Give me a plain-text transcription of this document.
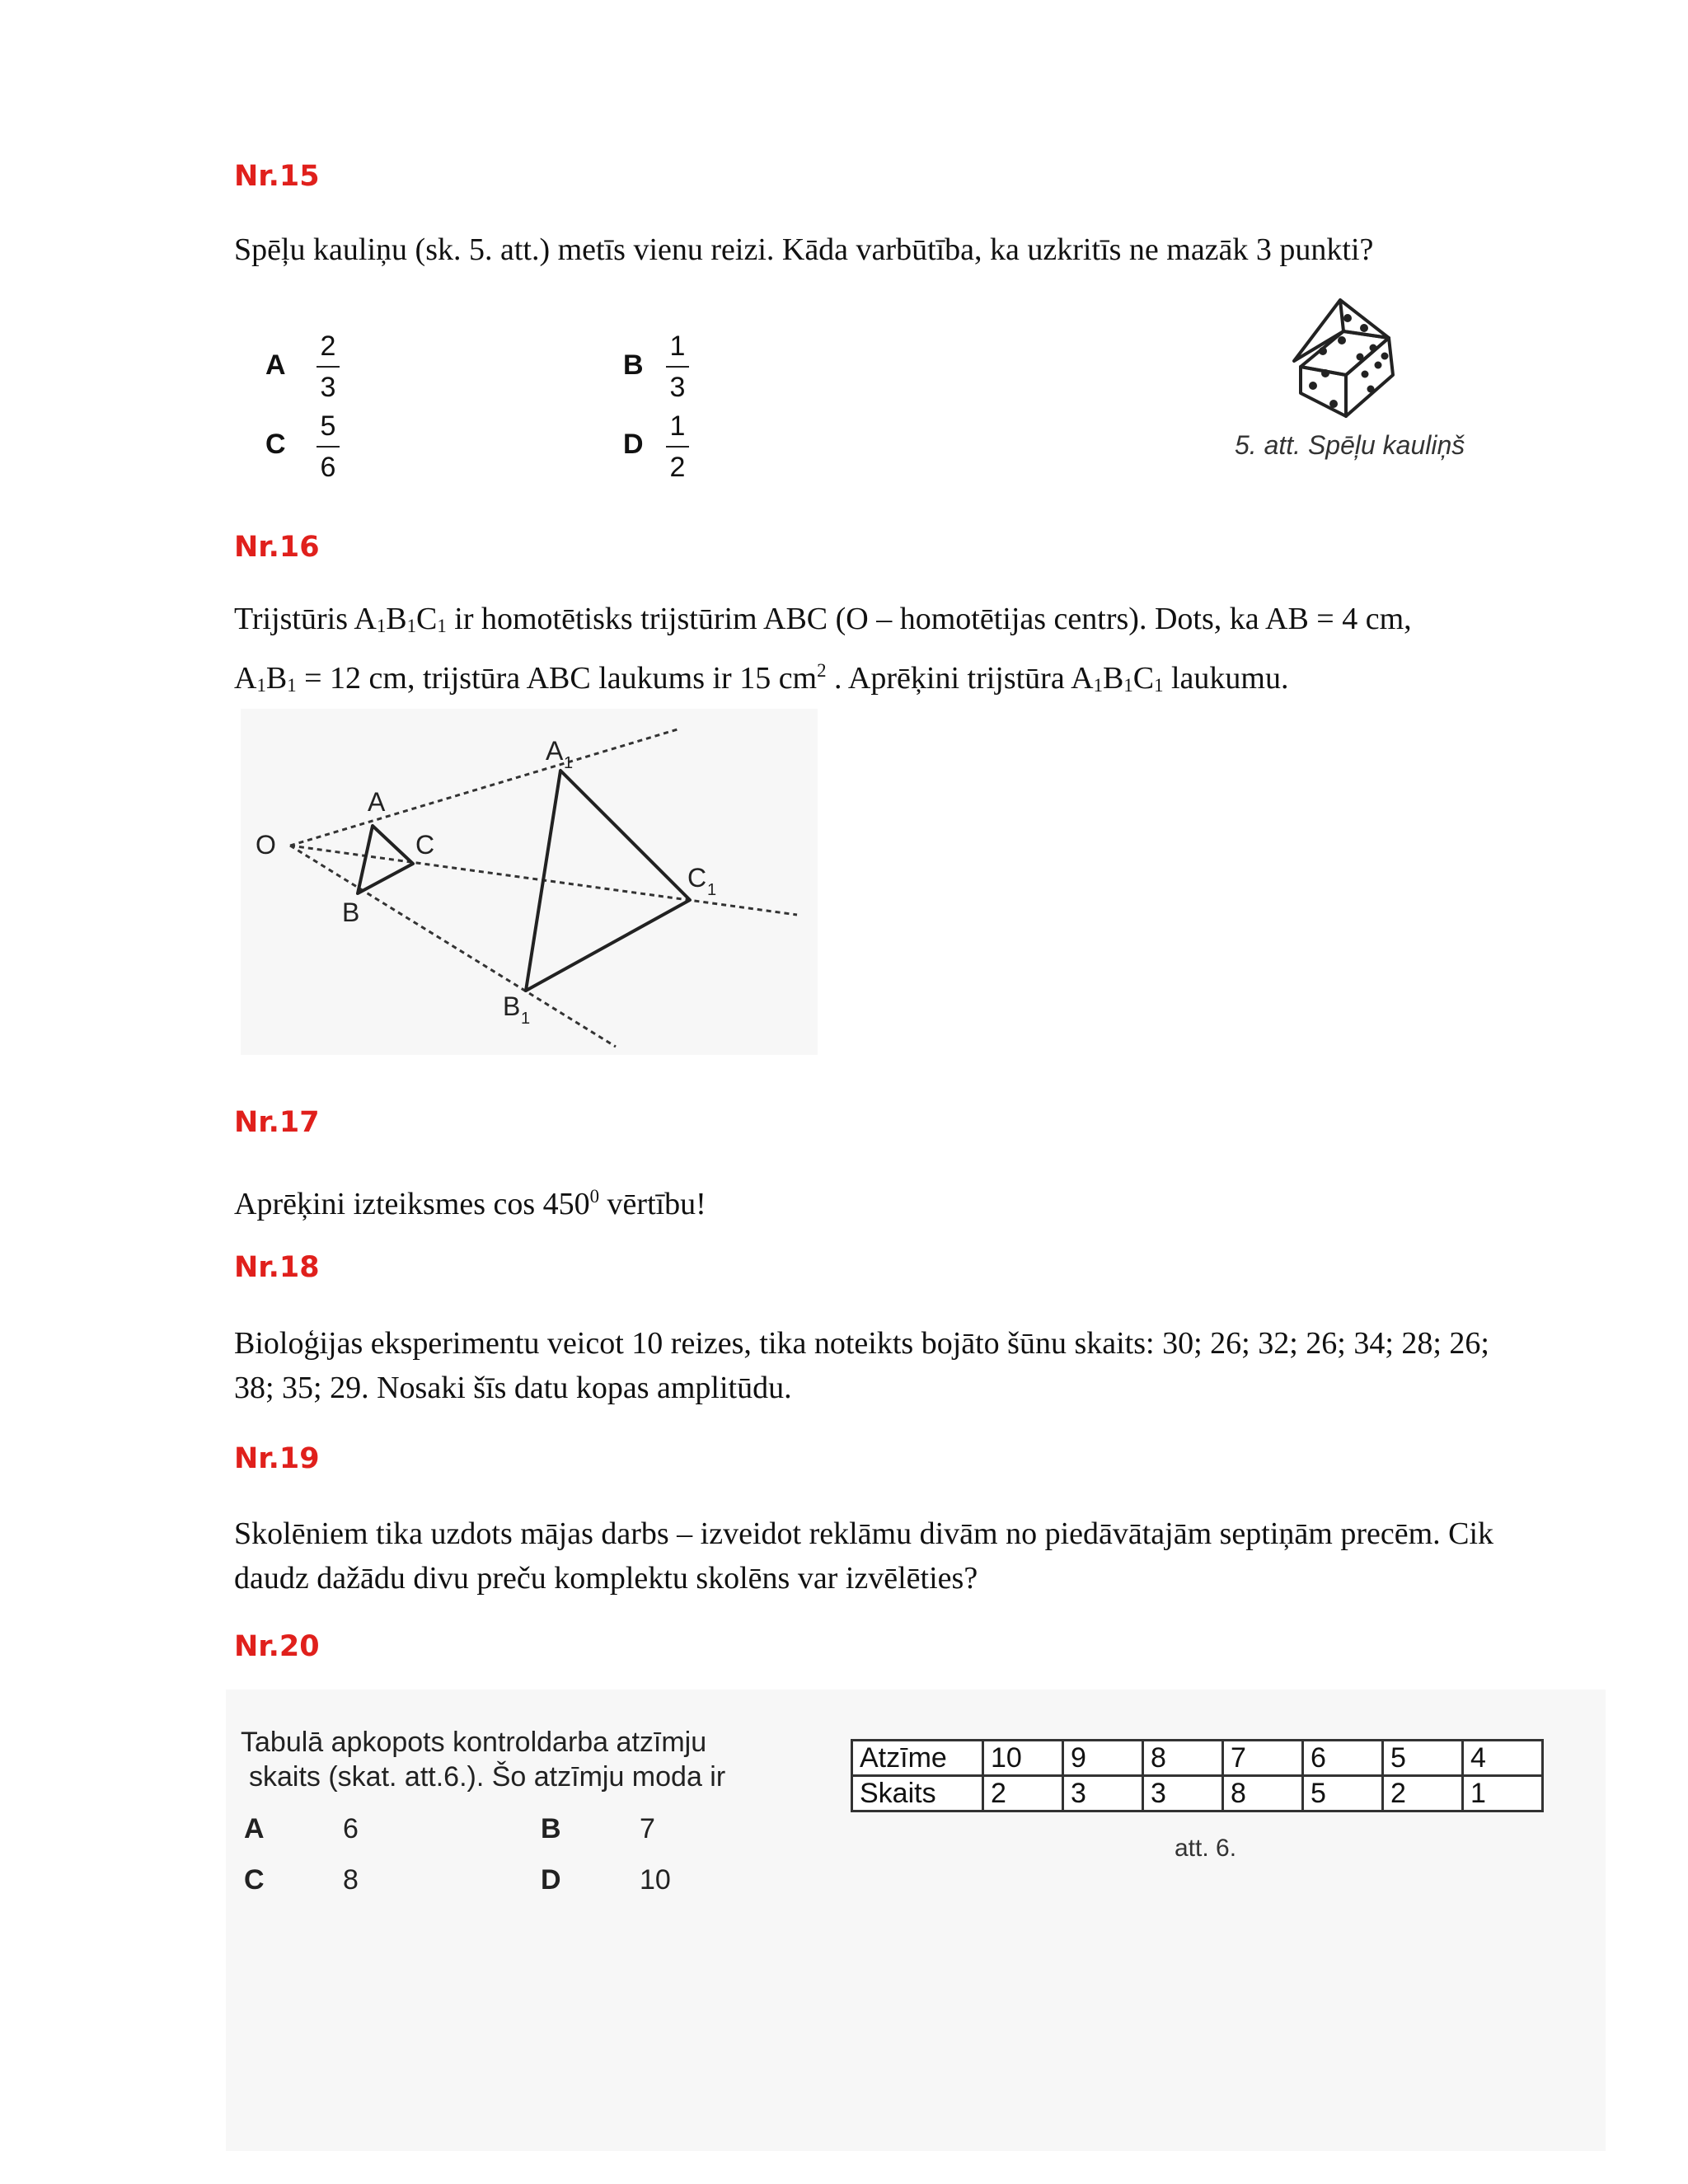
Nr.15
Spēļu kauliņu (sk. 5. att.) metīs vienu reizi. Kāda varbūtība, ka uzkritīs ne mazāk 3 punkti?
A
2
3
B
1
3
C
5
6
D
1
2
5. att. Spēļu kauliņš
Nr.16
Trijstūris $A_1B_1C_1$ ir homotētisks trijstūrim ABC (O – homotētijas centrs). Dots, ka AB = 4 cm,
$A_1B_1 = 12$ cm, trijstūra ABC laukums ir 15 $cm^2$ . Aprēķini trijstūra $A_1B_1C_1$ laukumu.
O
A
B
C
A 1
B 1
C 1
Nr.17
Aprēķini izteiksmes $\cos 450^0$ vērtību!
Nr.18
Bioloģijas eksperimentu veicot 10 reizes, tika noteikts bojāto šūnu skaits: 30; 26; 32; 26; 34; 28; 26;
38; 35; 29. Nosaki šīs datu kopas amplitūdu.
Nr.19
Skolēniem tika uzdots mājas darbs – izveidot reklāmu divām no piedāvātajām septiņām precēm. Cik
daudz dažādu divu preču komplektu skolēns var izvēlēties?
Nr.20
Tabulā apkopots kontroldarba atzīmju
skaits (skat. att.6.). Šo atzīmju moda ir
A	6	B	7
C	8	D	10
Atzīme	10	9	8	7	6	5	4
Skaits	2	3	3	8	5	2	1
att. 6.
